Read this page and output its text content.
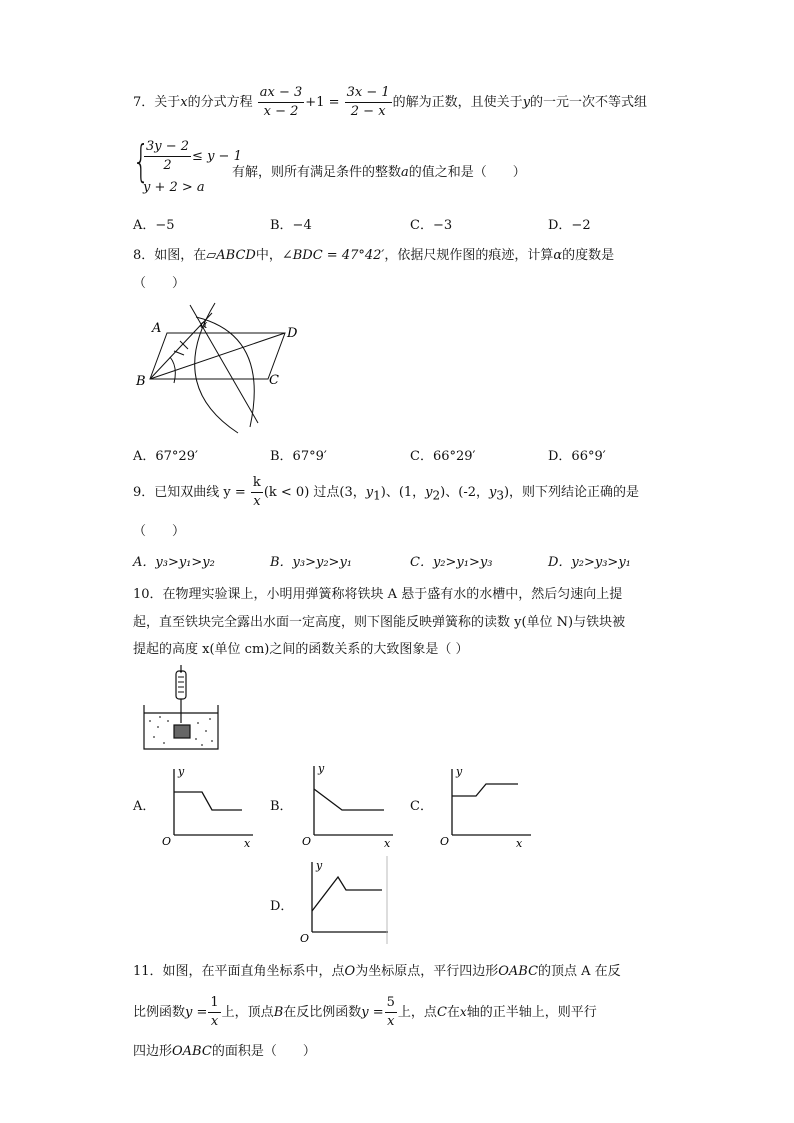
7．关于x的分式方程 $\frac{ax - 3}{x - 2} +1 = \frac{3x - 1}{2 - x}$ 的解为正数，且使关于y的一元一次不等式组
{
$\frac{3y - 2}{2} \le y - 1$
y + 2 > a
有解，则所有满足条件的整数a的值之和是（　　）
A．−5	B．−4	C．−3	D．−2
8．如图，在▱ABCD中，∠BDC = 47°42′，依据尺规作图的痕迹，计算α的度数是
（　　）
A
B	C
D
α
A．67°29′	B．67°9′	C．66°29′	D．66°9′
9．已知双曲线 $y = \frac{k}{x} (k < 0)$ 过点(3，$y_1$)、(1，$y_2$)、(-2，$y_3$)，则下列结论正确的是
（　　）
A．y₃>y₁>y₂	B．y₃>y₂>y₁	C．y₂>y₁>y₃	D．y₂>y₃>y₁
10．在物理实验课上，小明用弹簧称将铁块 A 悬于盛有水的水槽中，然后匀速向上提
起，直至铁块完全露出水面一定高度，则下图能反映弹簧称的读数 y(单位 N)与铁块被
提起的高度 x(单位 cm)之间的函数关系的大致图象是（ ）
A．
y
x
O
B．
y
x
O
C．
y
x
O
D．
y
O
11．如图，在平面直角坐标系中，点O为坐标原点，平行四边形OABC的顶点 A 在反
比例函数$y = \frac{1}{x}$ 上，顶点B在反比例函数$y = \frac{5}{x}$ 上，点C在x轴的正半轴上，则平行
四边形OABC的面积是（　　）
